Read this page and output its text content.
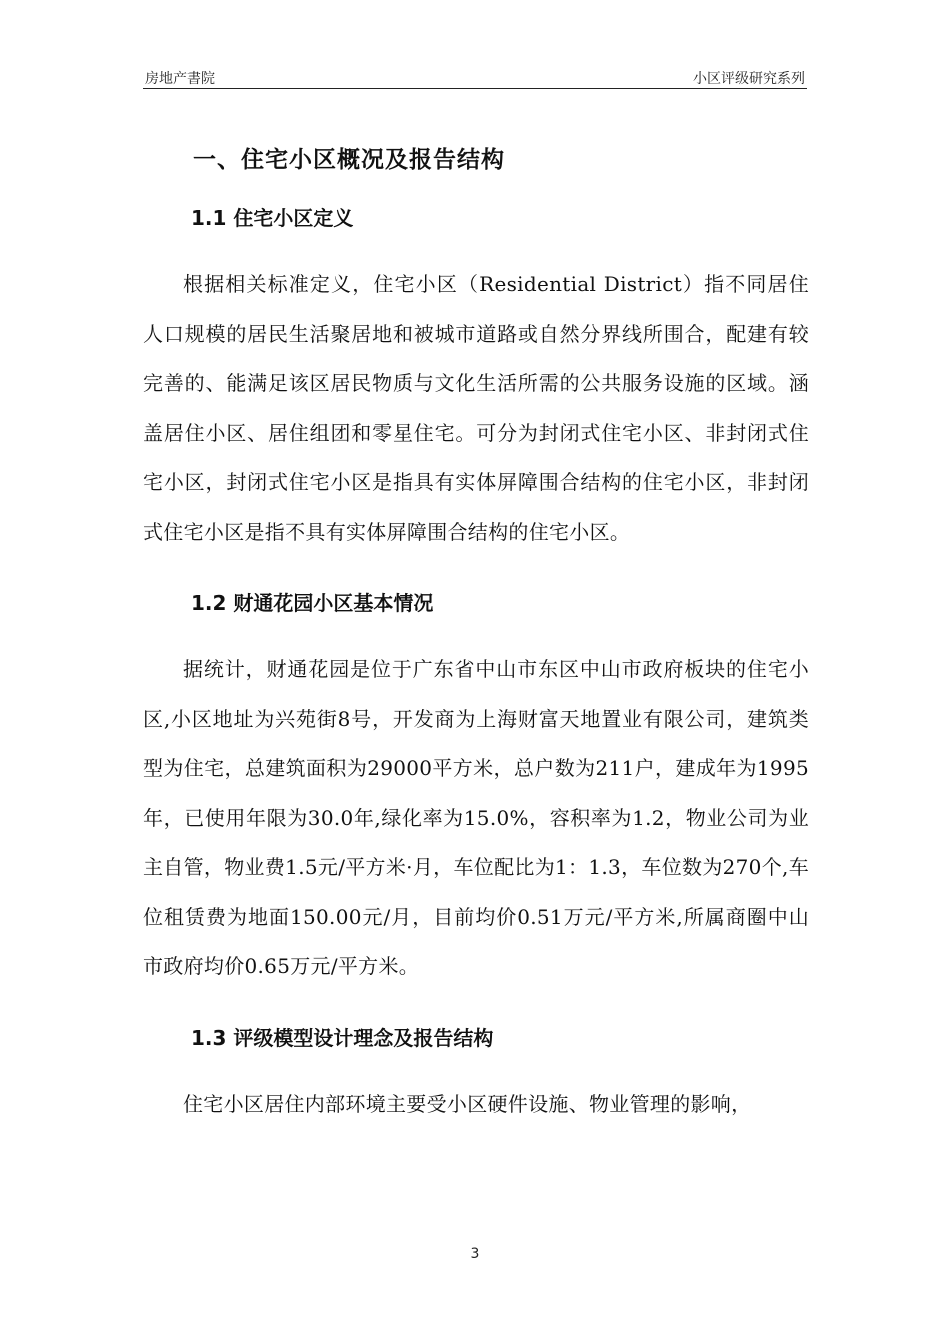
房地产書院	小区评级研究系列
一、住宅小区概况及报告结构
1.1 住宅小区定义

根据相关标准定义，住宅小区（Residential District）指不同居住人口规模的居民生活聚居地和被城市道路或自然分界线所围合，配建有较完善的、能满足该区居民物质与文化生活所需的公共服务设施的区域。涵盖居住小区、居住组团和零星住宅。可分为封闭式住宅小区、非封闭式住宅小区，封闭式住宅小区是指具有实体屏障围合结构的住宅小区，非封闭式住宅小区是指不具有实体屏障围合结构的住宅小区。

1.2 财通花园小区基本情况

据统计，财通花园是位于广东省中山市东区中山市政府板块的住宅小区,小区地址为兴苑街8号，开发商为上海财富天地置业有限公司，建筑类型为住宅，总建筑面积为29000平方米，总户数为211户，建成年为1995年，已使用年限为30.0年,绿化率为15.0%，容积率为1.2，物业公司为业主自管，物业费1.5元/平方米·月，车位配比为1：1.3，车位数为270个,车位租赁费为地面150.00元/月，目前均价0.51万元/平方米,所属商圈中山市政府均价0.65万元/平方米。

1.3 评级模型设计理念及报告结构

住宅小区居住内部环境主要受小区硬件设施、物业管理的影响，

3
